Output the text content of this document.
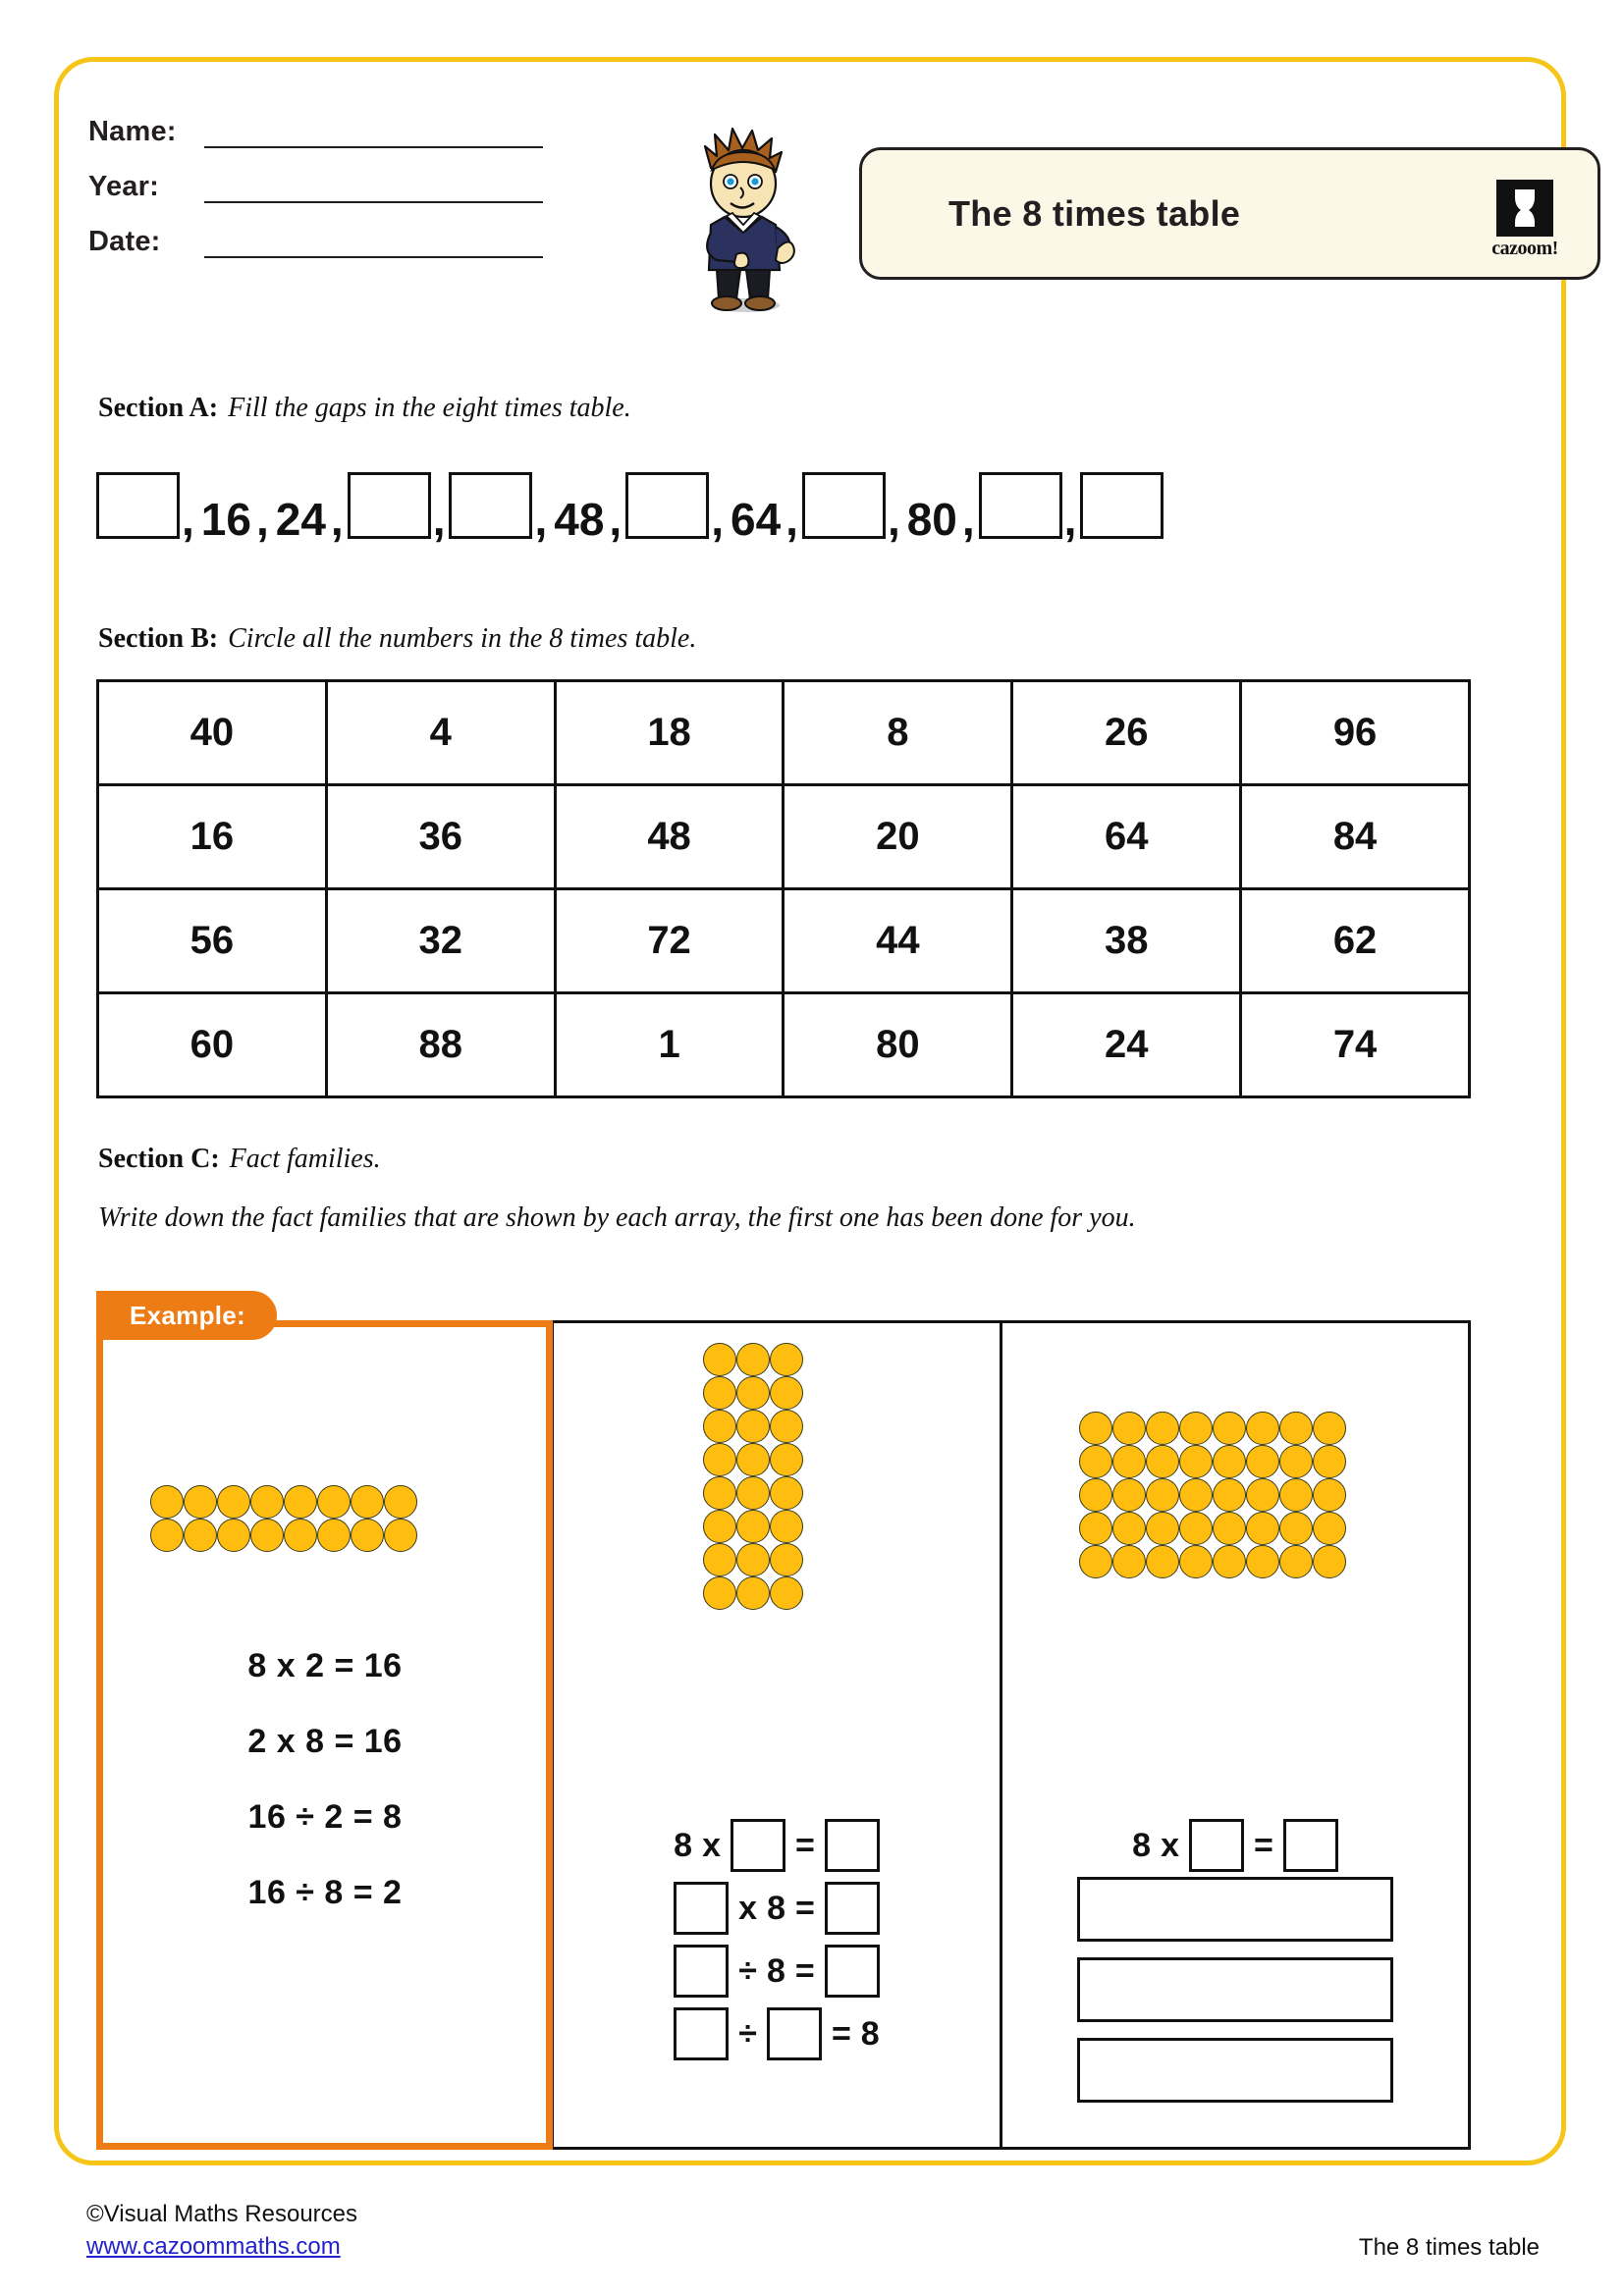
Name:
Year:
Date:
The 8 times table
cazoom!
Section A: Fill the gaps in the eight times table.
, 16 , 24 , , , 48 , , 64 , , 80 , ,
Section B: Circle all the numbers in the 8 times table.
40	4	18	8	26	96
16	36	48	20	64	84
56	32	72	44	38	62
60	88	1	80	24	74
Section C: Fact families.
Write down the fact families that are shown by each array, the first one has been done for you.
8 x 2 = 16
2 x 8 = 16
16 ÷ 2 = 8
16 ÷ 8 = 2
8 x =
x 8 =
÷ 8 =
÷ = 8
8 x =
Example:
©Visual Maths Resources
www.cazoommaths.com	The 8 times table
